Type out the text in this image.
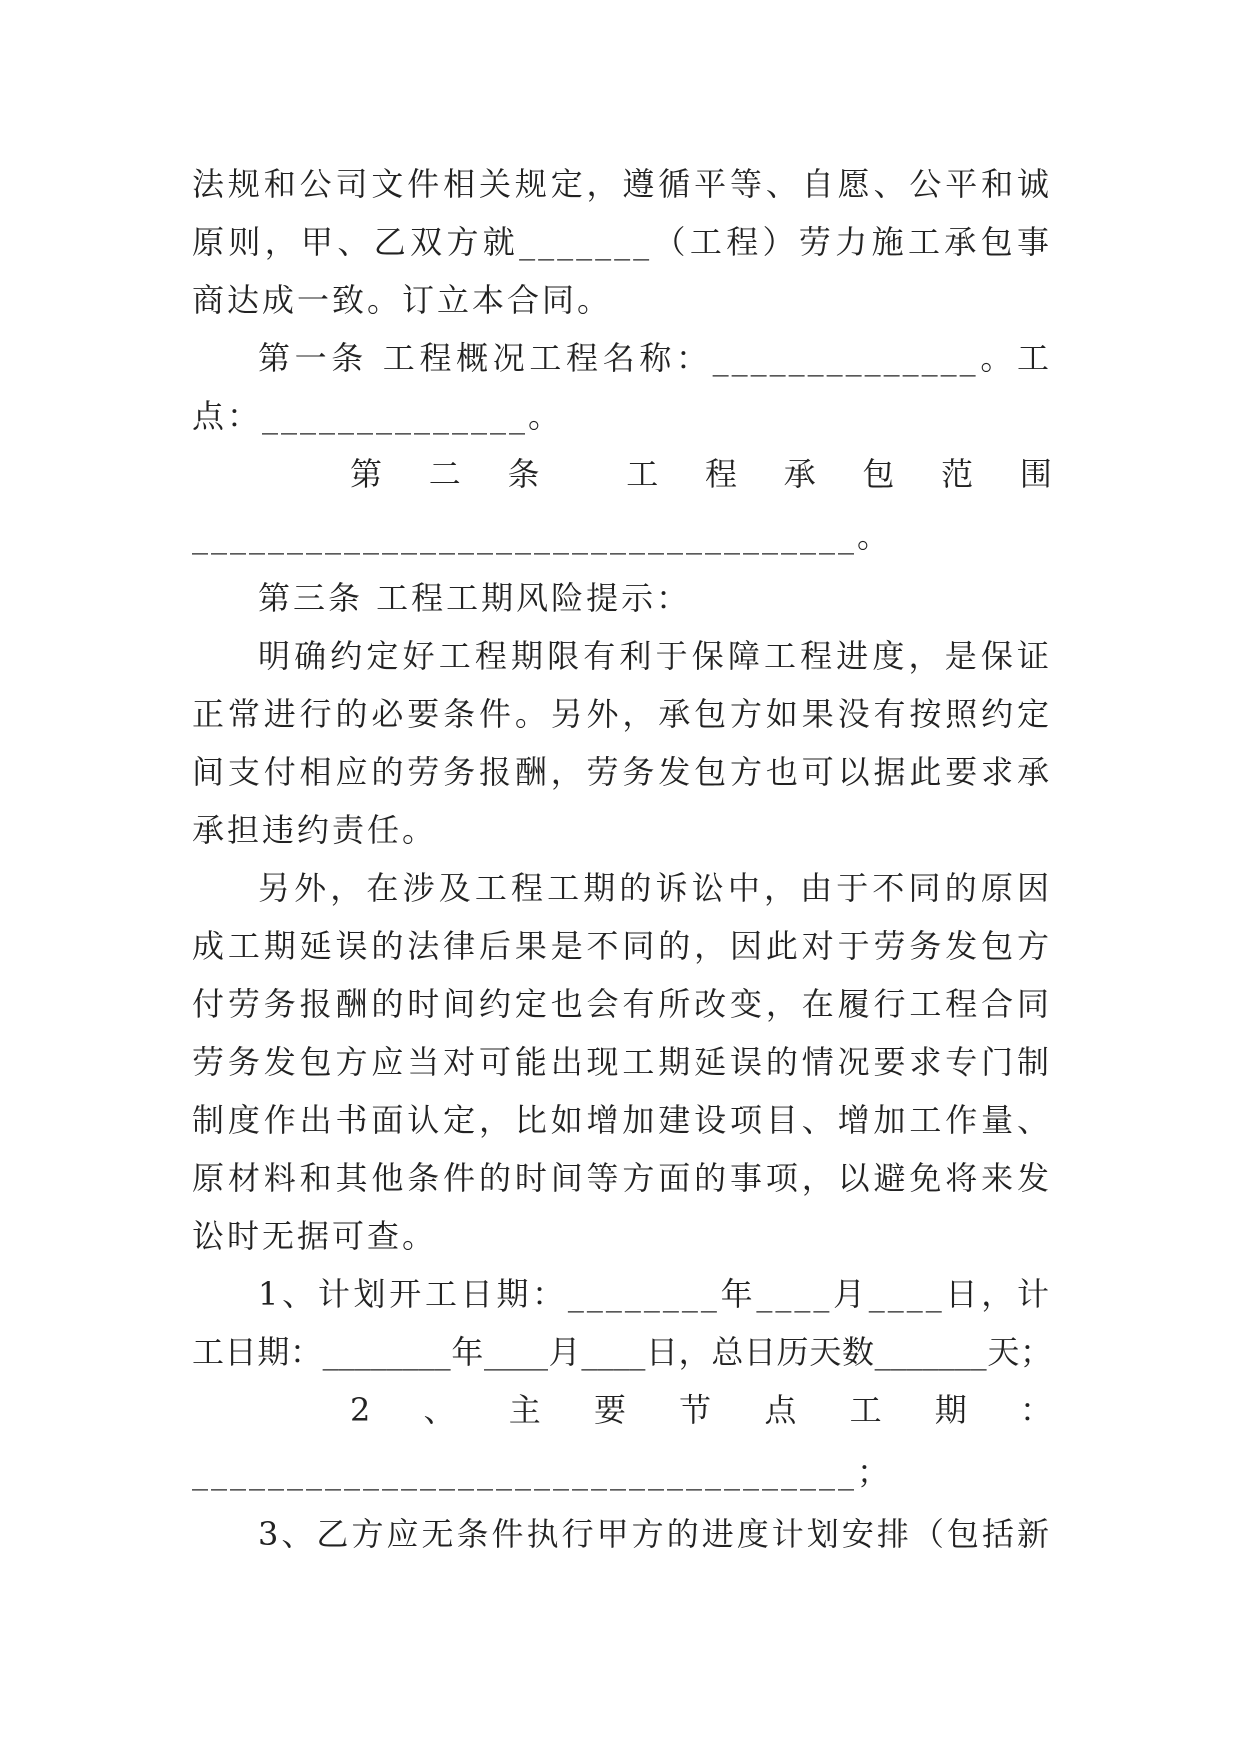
法规和公司文件相关规定，遵循平等、自愿、公平和诚
原则，甲、乙双方就_______（工程）劳力施工承包事
商达成一致。订立本合同。
第一条 工程概况工程名称：______________。工
点：______________。
第 二 条	工 程 承 包 范 围
___________________________________。
第三条 工程工期风险提示：
明确约定好工程期限有利于保障工程进度，是保证
正常进行的必要条件。另外，承包方如果没有按照约定
间支付相应的劳务报酬，劳务发包方也可以据此要求承
承担违约责任。
另外，在涉及工程工期的诉讼中，由于不同的原因
成工期延误的法律后果是不同的，因此对于劳务发包方
付劳务报酬的时间约定也会有所改变，在履行工程合同
劳务发包方应当对可能出现工期延误的情况要求专门制
制度作出书面认定，比如增加建设项目、增加工作量、
原材料和其他条件的时间等方面的事项，以避免将来发
讼时无据可查。
1、计划开工日期：________年____月____日，计
工日期：________年____月____日，总日历天数_______天；
2 、 主 要 节 点 工 期 ：
___________________________________；
3、乙方应无条件执行甲方的进度计划安排（包括新
